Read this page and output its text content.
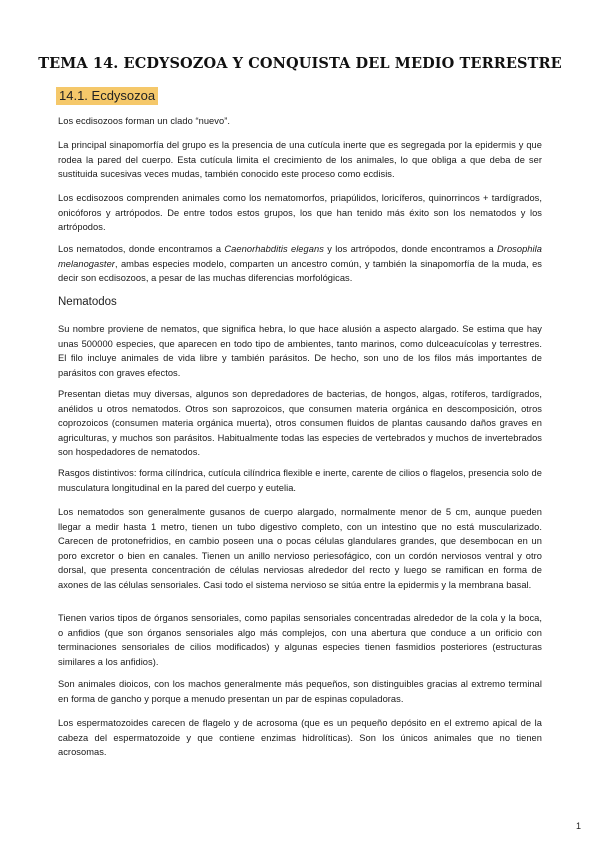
TEMA 14. ECDYSOZOA Y CONQUISTA DEL MEDIO TERRESTRE
14.1. Ecdysozoa

Los ecdisozoos forman un clado “nuevo”.

La principal sinapomorfía del grupo es la presencia de una cutícula inerte que es segregada por la epidermis y que rodea la pared del cuerpo. Esta cutícula limita el crecimiento de los animales, lo que obliga a que deba de ser sustituida sucesivas veces mudas, también conocido este proceso como ecdisis.

Los ecdisozoos comprenden animales como los nematomorfos, priapúlidos, loricíferos, quinorrincos + tardígrados, onicóforos y artrópodos. De entre todos estos grupos, los que han tenido más éxito son los nematodos y los artrópodos.

Los nematodos, donde encontramos a Caenorhabditis elegans y los artrópodos, donde encontramos a Drosophila melanogaster, ambas especies modelo, comparten un ancestro común, y también la sinapomorfía de la muda, es decir son ecdisozoos, a pesar de las muchas diferencias morfológicas.

Nematodos

Su nombre proviene de nematos, que significa hebra, lo que hace alusión a aspecto alargado. Se estima que hay unas 500000 especies, que aparecen en todo tipo de ambientes, tanto marinos, como dulceacuícolas y terrestres. El filo incluye animales de vida libre y también parásitos. De hecho, son uno de los filos más importantes de parásitos con graves efectos.

Presentan dietas muy diversas, algunos son depredadores de bacterias, de hongos, algas, rotíferos, tardígrados, anélidos u otros nematodos. Otros son saprozoicos, que consumen materia orgánica en descomposición, otros coprozoicos (consumen materia orgánica muerta), otros consumen fluidos de plantas causando daños graves en agriculturas, y muchos son parásitos. Habitualmente todas las especies de vertebrados y muchos de invertebrados son hospedadores de nematodos.

Rasgos distintivos: forma cilíndrica, cutícula cilíndrica flexible e inerte, carente de cilios o flagelos, presencia solo de musculatura longitudinal en la pared del cuerpo y eutelia.

Los nematodos son generalmente gusanos de cuerpo alargado, normalmente menor de 5 cm, aunque pueden llegar a medir hasta 1 metro, tienen un tubo digestivo completo, con un intestino que no está muscularizado. Carecen de protonefridios, en cambio poseen una o pocas células glandulares grandes, que desembocan en un poro excretor o bien en canales. Tienen un anillo nervioso periesofágico, con un cordón nerviosos ventral y otro dorsal, que presenta concentración de células nerviosas alrededor del recto y luego se ramifican en forma de axones de las células sensoriales. Casi todo el sistema nervioso se sitúa entre la epidermis y la membrana basal.

Tienen varios tipos de órganos sensoriales, como papilas sensoriales concentradas alrededor de la cola y la boca, o anfidios (que son órganos sensoriales algo más complejos, con una abertura que conduce a un orificio con terminaciones sensoriales de cilios modificados) y algunas especies tienen fasmidios posteriores (estructuras similares a los anfidios).

Son animales dioicos, con los machos generalmente más pequeños, son distinguibles gracias al extremo terminal en forma de gancho y porque a menudo presentan un par de espinas copuladoras.

Los espermatozoides carecen de flagelo y de acrosoma (que es un pequeño depósito en el extremo apical de la cabeza del espermatozoide y que contiene enzimas hidrolíticas). Son los únicos animales que no tienen acrosomas.

1
